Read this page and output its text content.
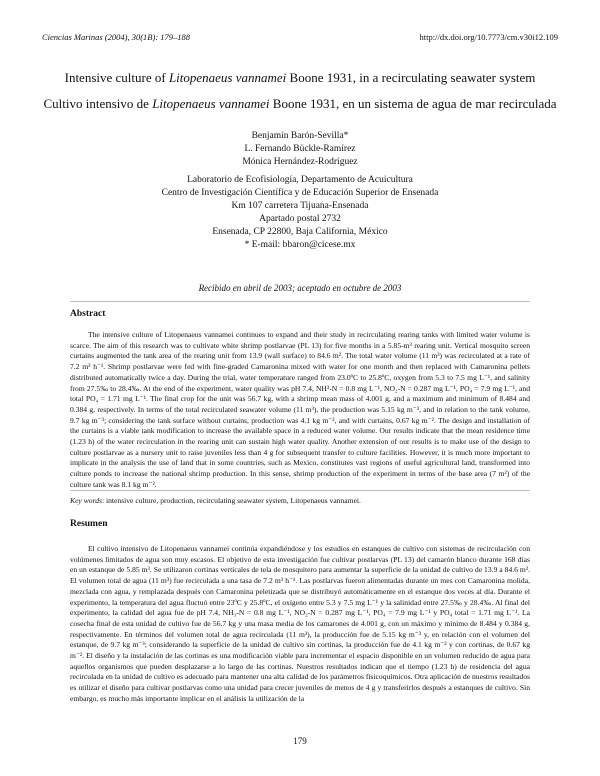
Ciencias Marinas (2004), 30(1B): 179–188	http://dx.doi.org/10.7773/cm.v30i12.109
Intensive culture of Litopenaeus vannamei Boone 1931, in a recirculating seawater system
Cultivo intensivo de Litopenaeus vannamei Boone 1931, en un sistema de agua de mar recirculada
Benjamín Barón-Sevilla*
L. Fernando Bückle-Ramírez
Mónica Hernández-Rodríguez
Laboratorio de Ecofisiología, Departamento de Acuicultura
Centro de Investigación Científica y de Educación Superior de Ensenada
Km 107 carretera Tijuana-Ensenada
Apartado postal 2732
Ensenada, CP 22800, Baja California, México
* E-mail: bbaron@cicese.mx
Recibido en abril de 2003; aceptado en octubre de 2003
Abstract

The intensive culture of Litopenaeus vannamei continues to expand and their study in recirculating rearing tanks with limited water volume is scarce. The aim of this research was to cultivate white shrimp postlarvae (PL 13) for five months in a 5.85-m³ rearing unit. Vertical mosquito screen curtains augmented the tank area of the rearing unit from 13.9 (wall surface) to 84.6 m². The total water volume (11 m³) was recirculated at a rate of 7.2 m³ h⁻¹. Shrimp postlarvae were fed with fine-graded Camaronina mixed with water for one month and then replaced with Camaronina pellets distributed automatically twice a day. During the trial, water temperature ranged from 23.0ºC to 25.8ºC, oxygen from 5.3 to 7.5 mg L⁻¹, and salinity from 27.5‰ to 28.4‰. At the end of the experiment, water quality was pH 7.4, NH³-N = 0.8 mg L⁻¹, NO₂-N = 0.287 mg L⁻¹, PO₄ = 7.9 mg L⁻¹, and total PO₄ = 1.71 mg L⁻¹. The final crop for the unit was 56.7 kg, with a shrimp mean mass of 4.001 g, and a maximum and minimum of 8.484 and 0.384 g, respectively. In terms of the total recirculated seawater volume (11 m³), the production was 5.15 kg m⁻³, and in relation to the tank volume, 9.7 kg m⁻³; considering the tank surface without curtains, production was 4.1 kg m⁻², and with curtains, 0.67 kg m⁻². The design and installation of the curtains is a viable tank modification to increase the available space in a reduced water volume. Our results indicate that the mean residence time (1.23 h) of the water recirculation in the rearing unit can sustain high water quality. Another extension of our results is to make use of the design to culture postlarvae as a nursery unit to raise juveniles less than 4 g for subsequent transfer to culture facilities. However, it is much more important to implicate in the analysis the use of land that in some countries, such as Mexico, constitutes vast regions of useful agricultural land, transformed into culture ponds to increase the national shrimp production. In this sense, shrimp production of the experiment in terms of the base area (7 m²) of the culture tank was 8.1 kg m⁻².

Key words: intensive culture, production, recirculating seawater system, Litopenaeus vannamei.
Resumen

El cultivo intensivo de Litopenaeus vannamei continúa expandiéndose y los estudios en estanques de cultivo con sistemas de recirculación con volúmenes limitados de agua son muy escasos. El objetivo de esta investigación fue cultivar postlarvas (PL 13) del camarón blanco durante 168 días en un estanque de 5.85 m³. Se utilizaron cortinas verticales de tela de mosquitero para aumentar la superficie de la unidad de cultivo de 13.9 a 84.6 m². El volumen total de agua (11 m³) fue recirculada a una tasa de 7.2 m³ h⁻¹. Las postlarvas fueron alimentadas durante un mes con Camaronina molida, mezclada con agua, y remplazada después con Camaronina peletizada que se distribuyó automáticamente en el estanque dos veces al día. Durante el experimento, la temperatura del agua fluctuó entre 23ºC y 25.8ºC, el oxígeno entre 5.3 y 7.5 mg L⁻¹ y la salinidad entre 27.5‰ y 28.4‰. Al final del experimento, la calidad del agua fue de pH 7.4, NH₃-N = 0.8 mg L⁻¹, NO₂-N = 0.287 mg L⁻¹, PO₄ = 7.9 mg L⁻¹ y PO₄ total = 1.71 mg L⁻¹. La cosecha final de esta unidad de cultivo fue de 56.7 kg y una masa media de los camarones de 4.001 g, con un máximo y mínimo de 8.484 y 0.384 g, respectivamente. En términos del volumen total de agua recirculada (11 m³), la producción fue de 5.15 kg m⁻³ y, en relación con el volumen del estanque, de 9.7 kg m⁻³; considerando la superficie de la unidad de cultivo sin cortinas, la producción fue de 4.1 kg m⁻² y con cortinas, de 0.67 kg m⁻². El diseño y la instalación de las cortinas es una modificación viable para incrementar el espacio disponible en un volumen reducido de agua para aquellos organismos que pueden desplazarse a lo largo de las cortinas. Nuestros resultados indican que el tiempo (1.23 h) de residencia del agua recirculada en la unidad de cultivo es adecuado para mantener una alta calidad de los parámetros fisicoquímicos. Otra aplicación de nuestros resultados es utilizar el diseño para cultivar postlarvas como una unidad para crecer juveniles de menos de 4 g y transferirlos después a estanques de cultivo. Sin embargo, es mucho más importante implicar en el análisis la utilización de la

179
